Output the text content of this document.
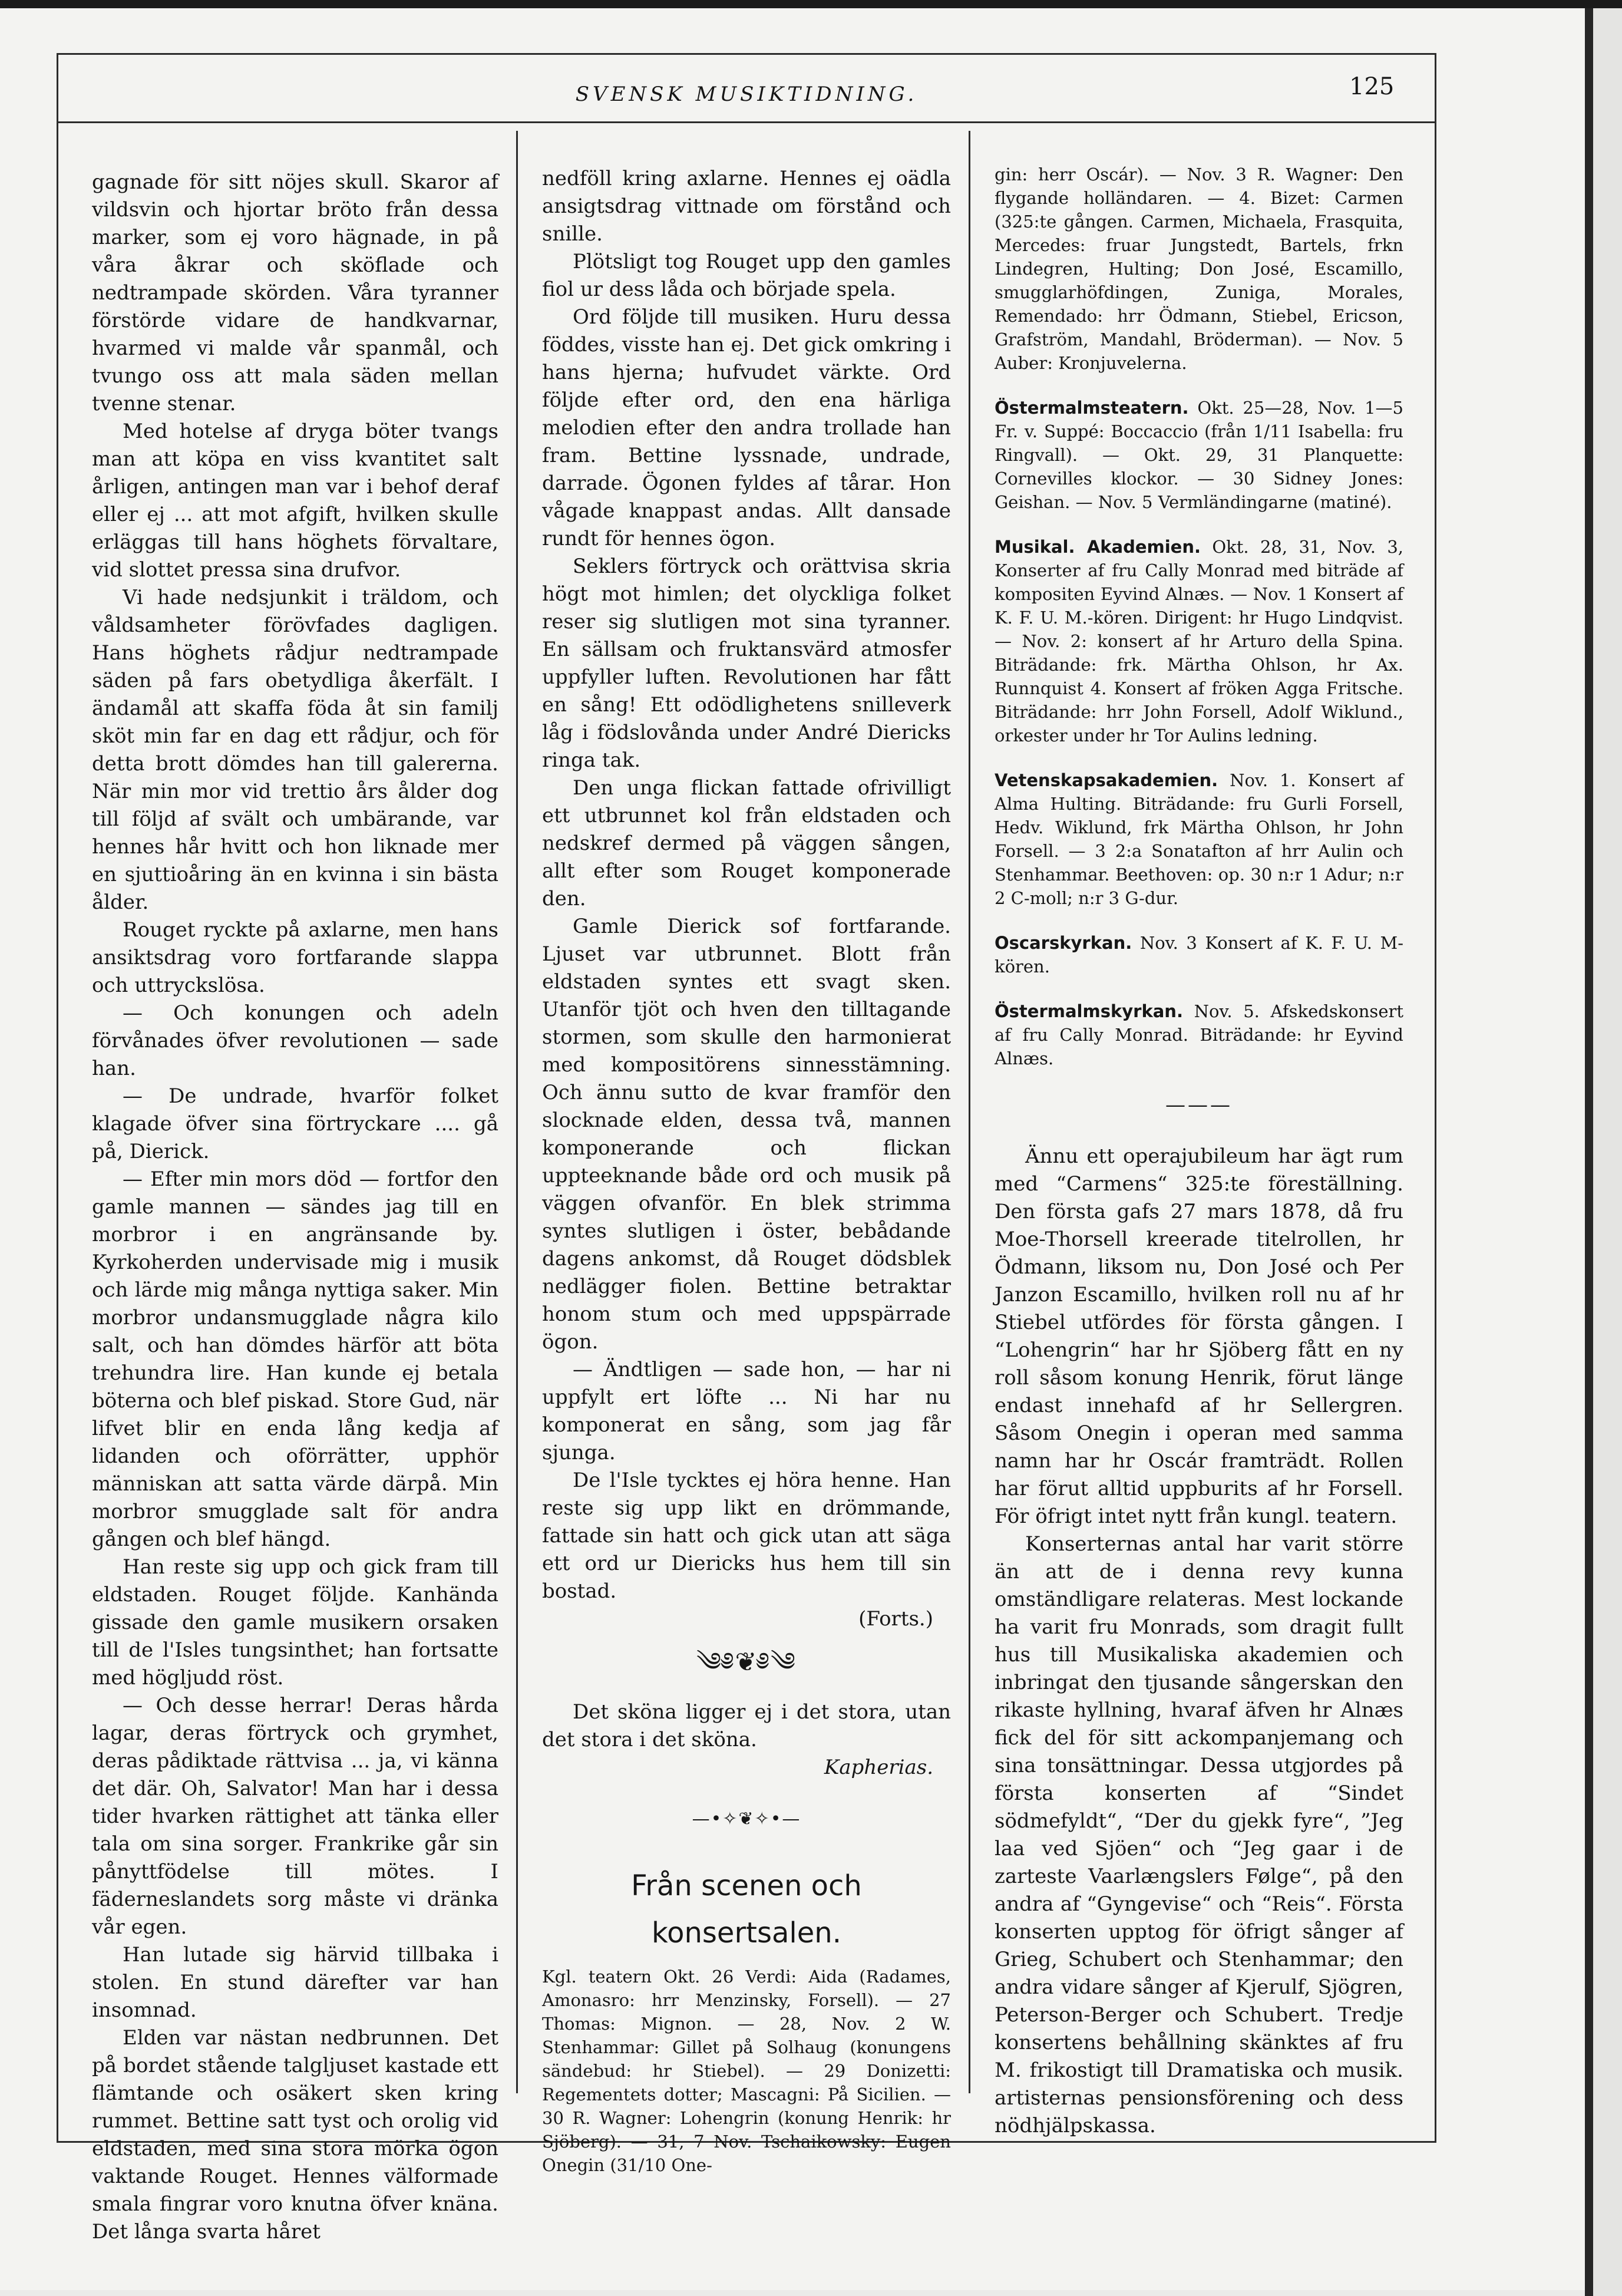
SVENSK MUSIKTIDNING.	125

gagnade för sitt nöjes skull. Skaror af vildsvin och hjortar bröto från dessa marker, som ej voro hägnade, in på våra åkrar och sköflade och nedtrampade skörden. Våra tyranner förstörde vidare de handkvarnar, hvarmed vi malde vår spanmål, och tvungo oss att mala säden mellan tvenne stenar.

Med hotelse af dryga böter tvangs man att köpa en viss kvantitet salt årligen, antingen man var i behof deraf eller ej ... att mot afgift, hvilken skulle erläggas till hans höghets förvaltare, vid slottet pressa sina drufvor.

Vi hade nedsjunkit i träldom, och våldsamheter förövfades dagligen. Hans höghets rådjur nedtrampade säden på fars obetydliga åkerfält. I ändamål att skaffa föda åt sin familj sköt min far en dag ett rådjur, och för detta brott dömdes han till galererna. När min mor vid trettio års ålder dog till följd af svält och umbärande, var hennes hår hvitt och hon liknade mer en sjuttioåring än en kvinna i sin bästa ålder.

Rouget ryckte på axlarne, men hans ansiktsdrag voro fortfarande slappa och uttryckslösa.

— Och konungen och adeln förvånades öfver revolutionen — sade han.

— De undrade, hvarför folket klagade öfver sina förtryckare .... gå på, Dierick.

— Efter min mors död — fortfor den gamle mannen — sändes jag till en morbror i en angränsande by. Kyrkoherden undervisade mig i musik och lärde mig många nyttiga saker. Min morbror undansmugglade några kilo salt, och han dömdes härför att böta trehundra lire. Han kunde ej betala böterna och blef piskad. Store Gud, när lifvet blir en enda lång kedja af lidanden och oförrätter, upphör människan att satta värde därpå. Min morbror smugglade salt för andra gången och blef hängd.

Han reste sig upp och gick fram till eldstaden. Rouget följde. Kanhända gissade den gamle musikern orsaken till de l'Isles tungsinthet; han fortsatte med högljudd röst.

— Och desse herrar! Deras hårda lagar, deras förtryck och grymhet, deras pådiktade rättvisa ... ja, vi känna det där. Oh, Salvator! Man har i dessa tider hvarken rättighet att tänka eller tala om sina sorger. Frankrike går sin pånyttfödelse till mötes. I fäderneslandets sorg måste vi dränka vår egen.

Han lutade sig härvid tillbaka i stolen. En stund därefter var han insomnad.

Elden var nästan nedbrunnen. Det på bordet stående talgljuset kastade ett flämtande och osäkert sken kring rummet. Bettine satt tyst och orolig vid eldstaden, med sina stora mörka ögon vaktande Rouget. Hennes välformade smala fingrar voro knutna öfver knäna. Det långa svarta håret

nedföll kring axlarne. Hennes ej oädla ansigtsdrag vittnade om förstånd och snille.

Plötsligt tog Rouget upp den gamles fiol ur dess låda och började spela.

Ord följde till musiken. Huru dessa föddes, visste han ej. Det gick omkring i hans hjerna; hufvudet värkte. Ord följde efter ord, den ena härliga melodien efter den andra trollade han fram. Bettine lyssnade, undrade, darrade. Ögonen fyldes af tårar. Hon vågade knappast andas. Allt dansade rundt för hennes ögon.

Seklers förtryck och orättvisa skria högt mot himlen; det olyckliga folket reser sig slutligen mot sina tyranner. En sällsam och fruktansvärd atmosfer uppfyller luften. Revolutionen har fått en sång! Ett odödlighetens snilleverk låg i födslovånda under André Diericks ringa tak.

Den unga flickan fattade ofrivilligt ett utbrunnet kol från eldstaden och nedskref dermed på väggen sången, allt efter som Rouget komponerade den.

Gamle Dierick sof fortfarande. Ljuset var utbrunnet. Blott från eldstaden syntes ett svagt sken. Utanför tjöt och hven den tilltagande stormen, som skulle den harmonierat med kompositörens sinnesstämning. Och ännu sutto de kvar framför den slocknade elden, dessa två, mannen komponerande och flickan uppteeknande både ord och musik på väggen ofvanför. En blek strimma syntes slutligen i öster, bebådande dagens ankomst, då Rouget dödsblek nedlägger fiolen. Bettine betraktar honom stum och med uppspärrade ögon.

— Ändtligen — sade hon, — har ni uppfylt ert löfte ... Ni har nu komponerat en sång, som jag får sjunga.

De l'Isle tycktes ej höra henne. Han reste sig upp likt en drömmande, fattade sin hatt och gick utan att säga ett ord ur Diericks hus hem till sin bostad.

(Forts.)

༄༅❦༅༄

Det sköna ligger ej i det stora, utan det stora i det sköna.

Kapherias.

—•✧❦✧•—
Från scenen och konsertsalen.

Kgl. teatern Okt. 26 Verdi: Aida (Radames, Amonasro: hrr Menzinsky, Forsell). — 27 Thomas: Mignon. — 28, Nov. 2 W. Stenhammar: Gillet på Solhaug (konungens sändebud: hr Stiebel). — 29 Donizetti: Regementets dotter; Mascagni: På Sicilien. — 30 R. Wagner: Lohengrin (konung Henrik: hr Sjöberg). — 31, 7 Nov. Tschaikowsky: Eugen Onegin (31/10 One-

gin: herr Oscár). — Nov. 3 R. Wagner: Den flygande holländaren. — 4. Bizet: Carmen (325:te gången. Carmen, Michaela, Frasquita, Mercedes: fruar Jungstedt, Bartels, frkn Lindegren, Hulting; Don José, Escamillo, smugglarhöfdingen, Zuniga, Morales, Remendado: hrr Ödmann, Stiebel, Ericson, Grafström, Mandahl, Bröderman). — Nov. 5 Auber: Kronjuvelerna.

Östermalmsteatern. Okt. 25—28, Nov. 1—5 Fr. v. Suppé: Boccaccio (från 1/11 Isabella: fru Ringvall). — Okt. 29, 31 Planquette: Cornevilles klockor. — 30 Sidney Jones: Geishan. — Nov. 5 Vermländingarne (matiné).

Musikal. Akademien. Okt. 28, 31, Nov. 3, Konserter af fru Cally Monrad med biträde af kompositen Eyvind Alnæs. — Nov. 1 Konsert af K. F. U. M.-kören. Dirigent: hr Hugo Lindqvist. — Nov. 2: konsert af hr Arturo della Spina. Biträdande: frk. Märtha Ohlson, hr Ax. Runnquist 4. Konsert af fröken Agga Fritsche. Biträdande: hrr John Forsell, Adolf Wiklund., orkester under hr Tor Aulins ledning.

Vetenskapsakademien. Nov. 1. Konsert af Alma Hulting. Biträdande: fru Gurli Forsell, Hedv. Wiklund, frk Märtha Ohlson, hr John Forsell. — 3 2:a Sonatafton af hrr Aulin och Stenhammar. Beethoven: op. 30 n:r 1 Adur; n:r 2 C-moll; n:r 3 G-dur.

Oscarskyrkan. Nov. 3 Konsert af K. F. U. M-kören.

Östermalmskyrkan. Nov. 5. Afskedskonsert af fru Cally Monrad. Biträdande: hr Eyvind Alnæs.

———

Ännu ett operajubileum har ägt rum med “Carmens“ 325:te föreställning. Den första gafs 27 mars 1878, då fru Moe-Thorsell kreerade titelrollen, hr Ödmann, liksom nu, Don José och Per Janzon Escamillo, hvilken roll nu af hr Stiebel utfördes för första gången. I “Lohengrin“ har hr Sjöberg fått en ny roll såsom konung Henrik, förut länge endast innehafd af hr Sellergren. Såsom Onegin i operan med samma namn har hr Oscár framträdt. Rollen har förut alltid uppburits af hr Forsell. För öfrigt intet nytt från kungl. teatern.

Konserternas antal har varit större än att de i denna revy kunna omständligare relateras. Mest lockande ha varit fru Monrads, som dragit fullt hus till Musikaliska akademien och inbringat den tjusande sångerskan den rikaste hyllning, hvaraf äfven hr Alnæs fick del för sitt ackompanjemang och sina tonsättningar. Dessa utgjordes på första konserten af “Sindet södmefyldt“, “Der du gjekk fyre“, ”Jeg laa ved Sjöen“ och “Jeg gaar i de zarteste Vaarlængslers Følge“, på den andra af “Gyngevise“ och “Reis“. Första konserten upptog för öfrigt sånger af Grieg, Schubert och Stenhammar; den andra vidare sånger af Kjerulf, Sjögren, Peterson-Berger och Schubert. Tredje konsertens behållning skänktes af fru M. frikostigt till Dramatiska och musik. artisternas pensionsförening och dess nödhjälpskassa.
